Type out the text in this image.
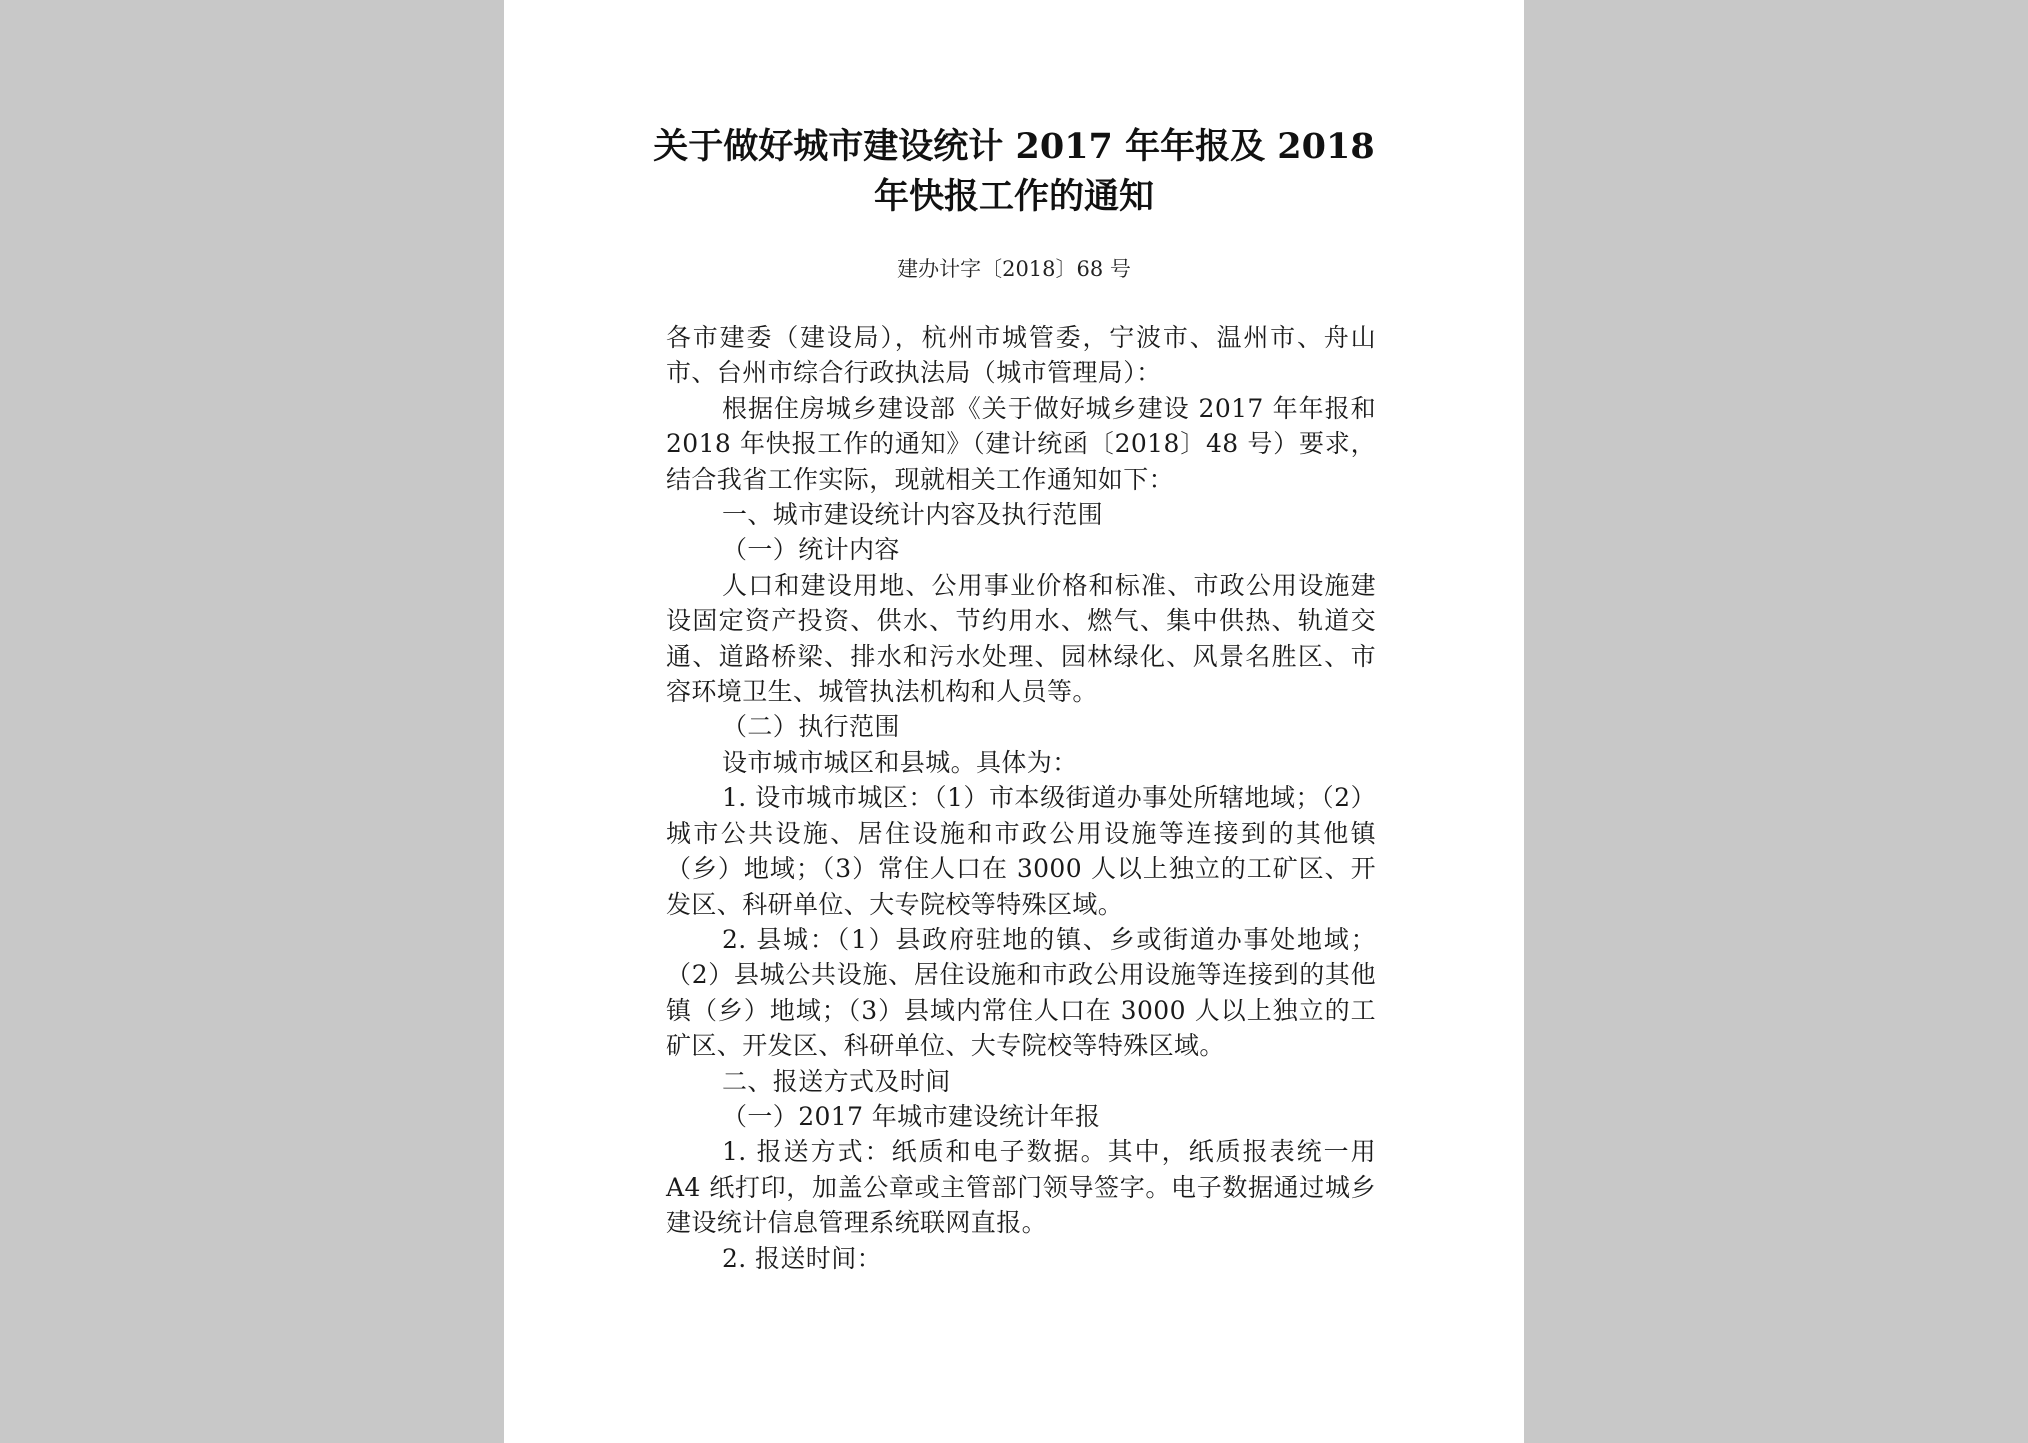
关于做好城市建设统计 2017 年年报及 2018
年快报工作的通知
建办计字〔2018〕68 号

各市建委（建设局），杭州市城管委，宁波市、温州市、舟山市、台州市综合行政执法局（城市管理局）：

根据住房城乡建设部《关于做好城乡建设 2017 年年报和 2018 年快报工作的通知》（建计统函〔2018〕48 号）要求，结合我省工作实际，现就相关工作通知如下：

一、城市建设统计内容及执行范围

（一）统计内容

人口和建设用地、公用事业价格和标准、市政公用设施建设固定资产投资、供水、节约用水、燃气、集中供热、轨道交通、道路桥梁、排水和污水处理、园林绿化、风景名胜区、市容环境卫生、城管执法机构和人员等。

（二）执行范围

设市城市城区和县城。具体为：

1. 设市城市城区：（1）市本级街道办事处所辖地域；（2）城市公共设施、居住设施和市政公用设施等连接到的其他镇（乡）地域；（3）常住人口在 3000 人以上独立的工矿区、开发区、科研单位、大专院校等特殊区域。

2. 县城：（1）县政府驻地的镇、乡或街道办事处地域；（2）县城公共设施、居住设施和市政公用设施等连接到的其他镇（乡）地域；（3）县域内常住人口在 3000 人以上独立的工矿区、开发区、科研单位、大专院校等特殊区域。

二、报送方式及时间

（一）2017 年城市建设统计年报

1. 报送方式：纸质和电子数据。其中，纸质报表统一用 A4 纸打印，加盖公章或主管部门领导签字。电子数据通过城乡建设统计信息管理系统联网直报。

2. 报送时间：
